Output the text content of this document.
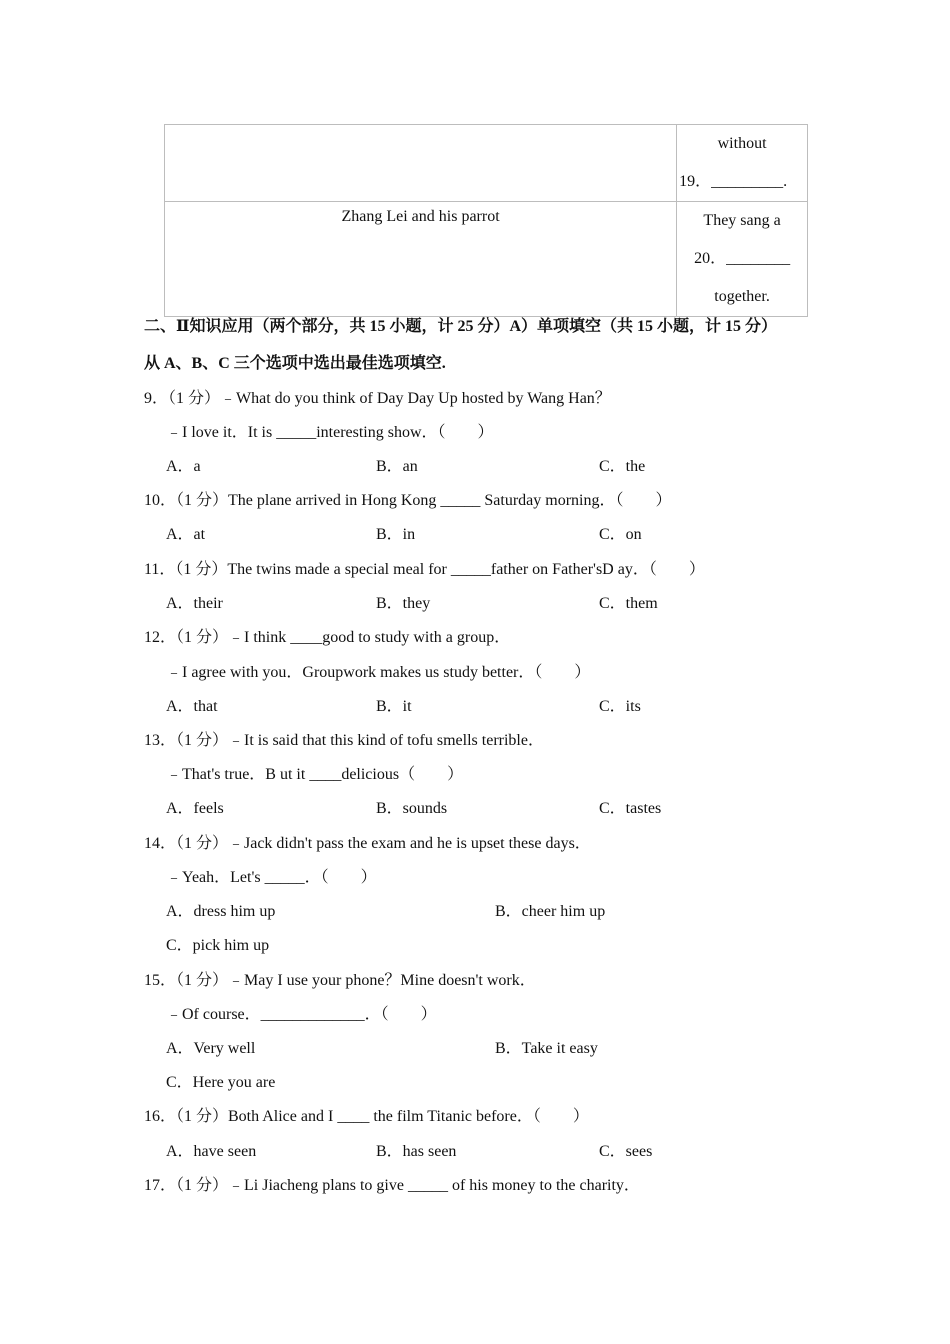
	without
19．_________.

Zhang Lei and his parrot	They sang a
20．________
together.
二、Ⅱ知识应用（两个部分，共 15 小题，计 25 分）A）单项填空（共 15 小题，计 15 分）
从 A、B、C 三个选项中选出最佳选项填空.
9．（1 分）﹣What do you think of Day Day Up hosted by Wang Han？
﹣I love it．It is _____interesting show．（　　）
A．a	B．an	C．the
10．（1 分）The plane arrived in Hong Kong _____ Saturday morning．（　　）
A．at	B．in	C．on
11．（1 分）The twins made a special meal for _____father on Father'sD ay．（　　）
A．their	B．they	C．them
12．（1 分）﹣I think ____good to study with a group．
﹣I agree with you．Groupwork makes us study better．（　　）
A．that	B．it	C．its
13．（1 分）﹣It is said that this kind of tofu smells terrible．
﹣That's true．B ut it ____delicious（　　）
A．feels	B．sounds	C．tastes
14．（1 分）﹣Jack didn't pass the exam and he is upset these days．
﹣Yeah．Let's _____．（　　）
A．dress him up	B．cheer him up
C．pick him up
15．（1 分）﹣May I use your phone？Mine doesn't work．
﹣Of course．_____________．（　　）
A．Very well	B．Take it easy
C．Here you are
16．（1 分）Both Alice and I ____ the film Titanic before．（　　）
A．have seen	B．has seen	C．sees
17．（1 分）﹣Li Jiacheng plans to give _____ of his money to the charity．
